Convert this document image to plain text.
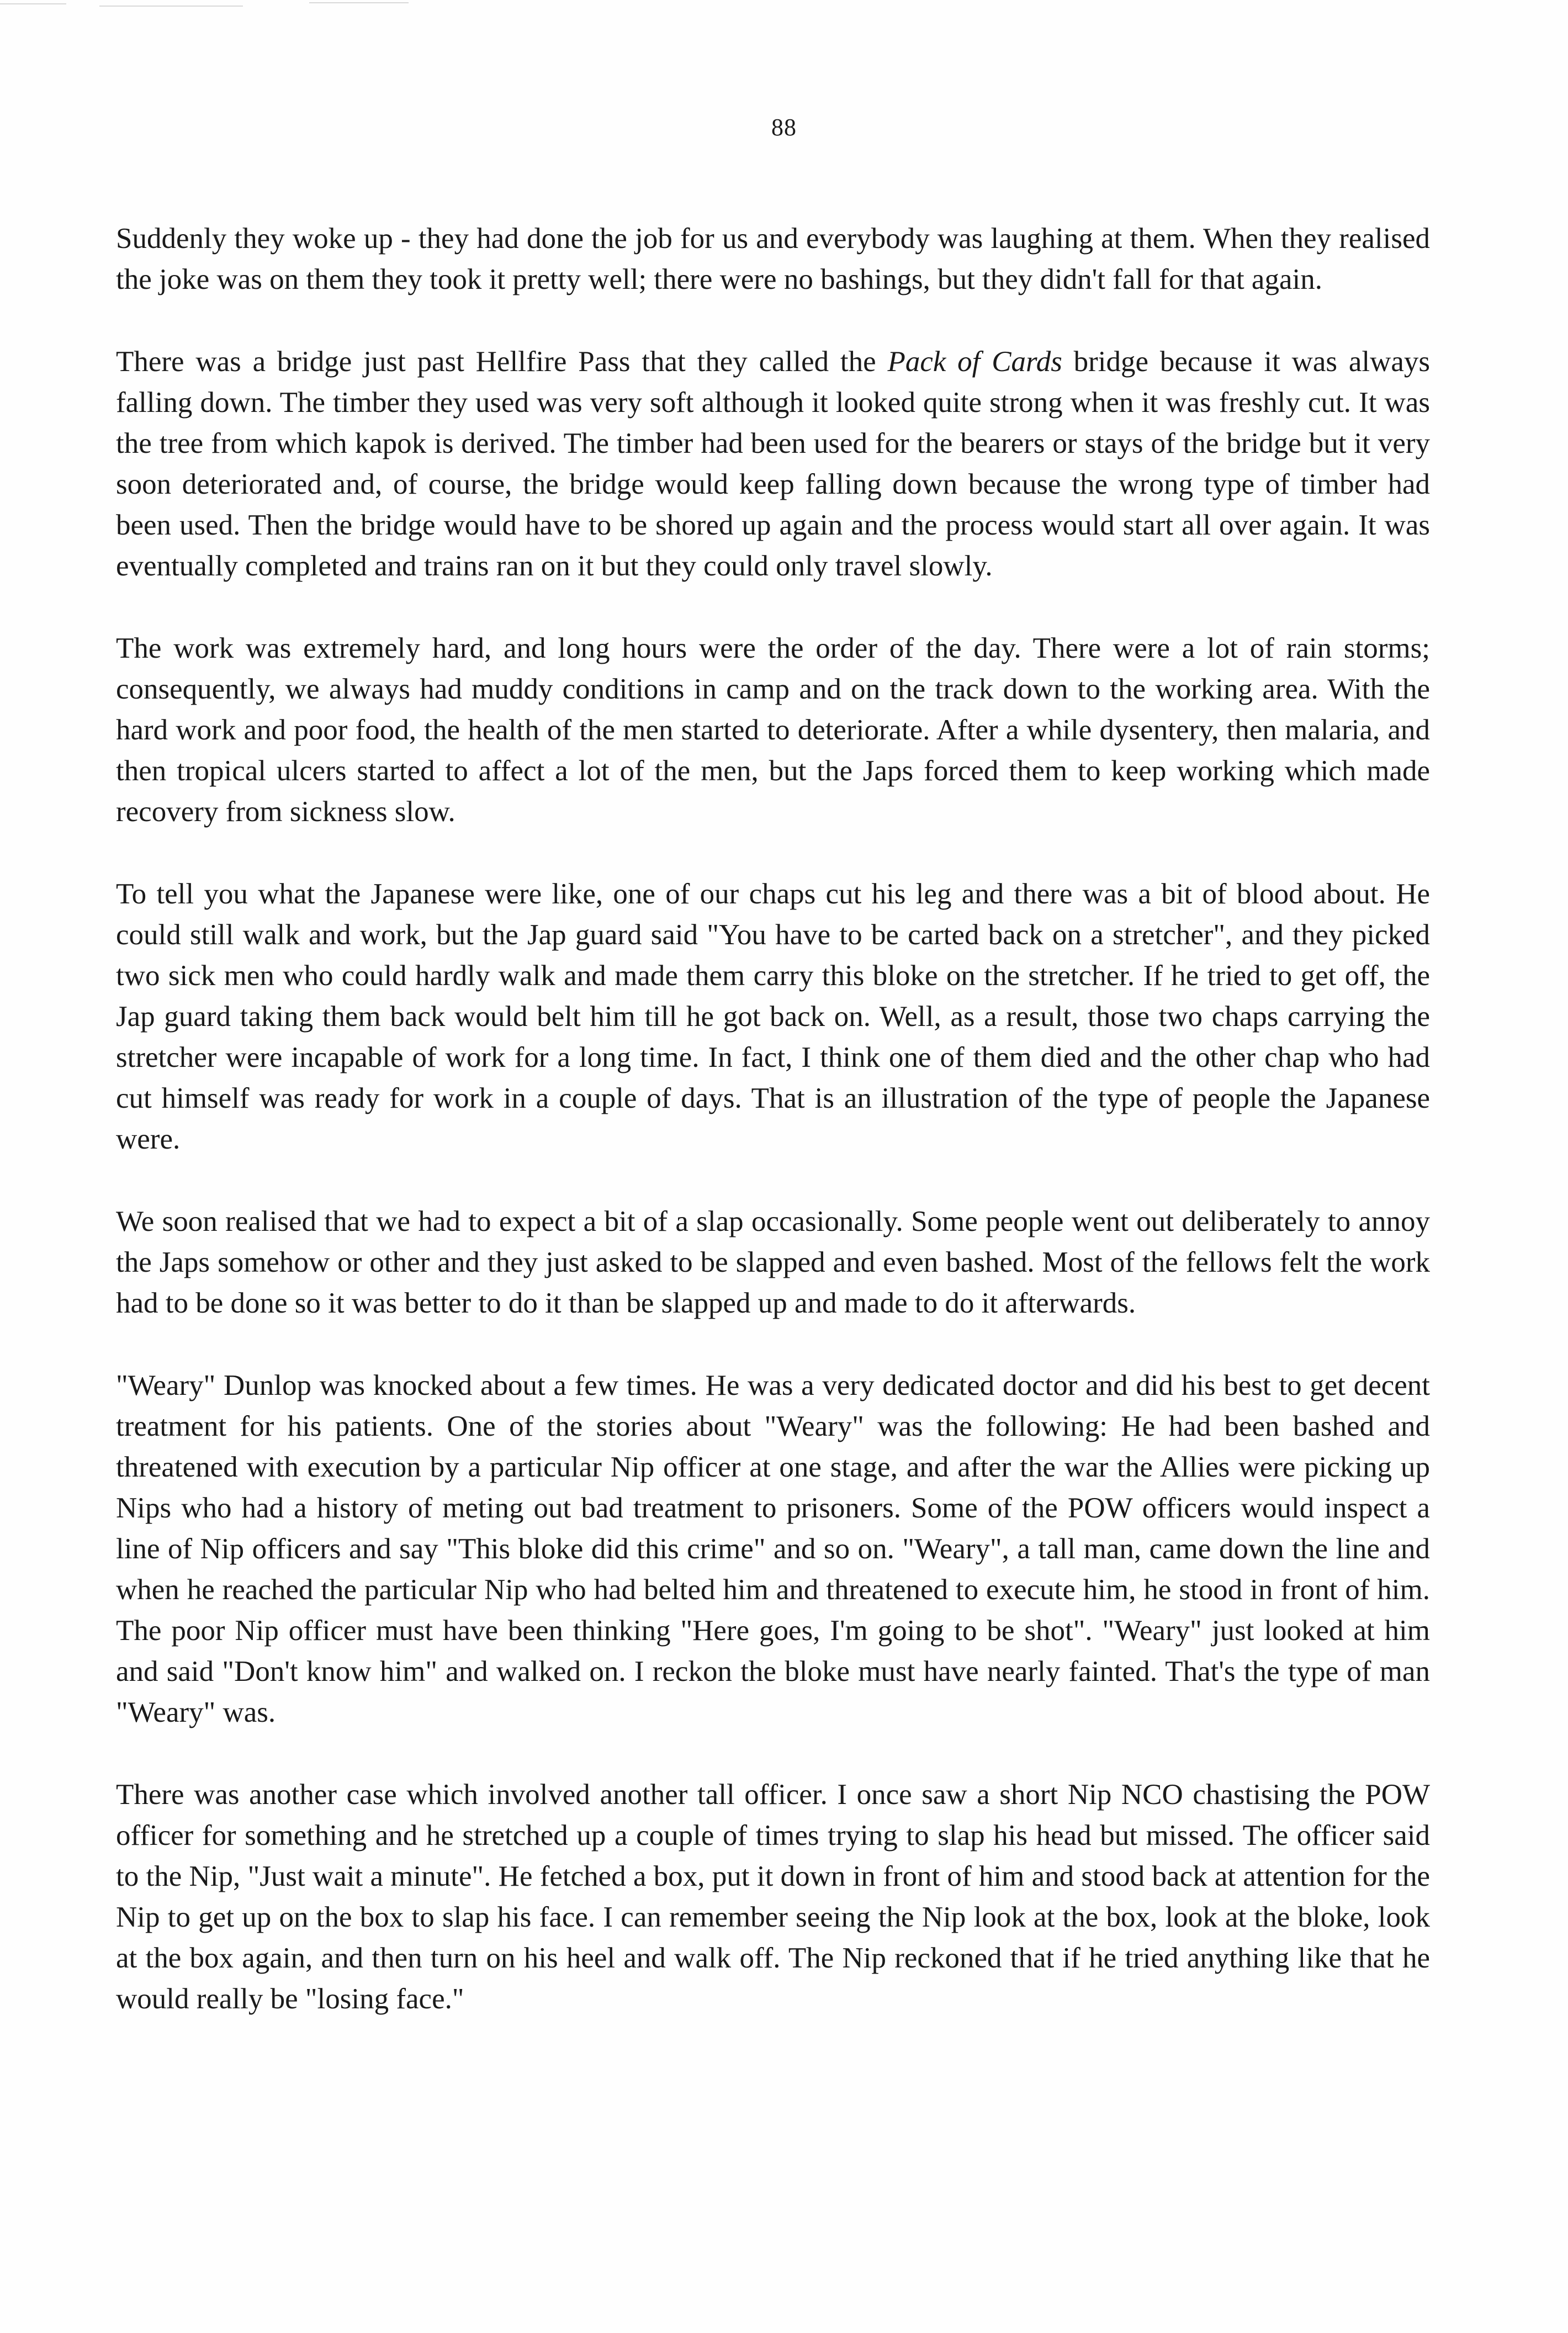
88

Suddenly they woke up - they had done the job for us and everybody was laughing at them. When they realised the joke was on them they took it pretty well; there were no bashings, but they didn't fall for that again.

There was a bridge just past Hellfire Pass that they called the Pack of Cards bridge because it was always falling down. The timber they used was very soft although it looked quite strong when it was freshly cut. It was the tree from which kapok is derived. The timber had been used for the bearers or stays of the bridge but it very soon deteriorated and, of course, the bridge would keep falling down because the wrong type of timber had been used. Then the bridge would have to be shored up again and the process would start all over again. It was eventually completed and trains ran on it but they could only travel slowly.

The work was extremely hard, and long hours were the order of the day. There were a lot of rain storms; consequently, we always had muddy conditions in camp and on the track down to the working area. With the hard work and poor food, the health of the men started to deteriorate. After a while dysentery, then malaria, and then tropical ulcers started to affect a lot of the men, but the Japs forced them to keep working which made recovery from sickness slow.

To tell you what the Japanese were like, one of our chaps cut his leg and there was a bit of blood about. He could still walk and work, but the Jap guard said "You have to be carted back on a stretcher", and they picked two sick men who could hardly walk and made them carry this bloke on the stretcher. If he tried to get off, the Jap guard taking them back would belt him till he got back on. Well, as a result, those two chaps carrying the stretcher were incapable of work for a long time. In fact, I think one of them died and the other chap who had cut himself was ready for work in a couple of days. That is an illustration of the type of people the Japanese were.

We soon realised that we had to expect a bit of a slap occasionally. Some people went out deliberately to annoy the Japs somehow or other and they just asked to be slapped and even bashed. Most of the fellows felt the work had to be done so it was better to do it than be slapped up and made to do it afterwards.

"Weary" Dunlop was knocked about a few times. He was a very dedicated doctor and did his best to get decent treatment for his patients. One of the stories about "Weary" was the following: He had been bashed and threatened with execution by a particular Nip officer at one stage, and after the war the Allies were picking up Nips who had a history of meting out bad treatment to prisoners. Some of the POW officers would inspect a line of Nip officers and say "This bloke did this crime" and so on. "Weary", a tall man, came down the line and when he reached the particular Nip who had belted him and threatened to execute him, he stood in front of him. The poor Nip officer must have been thinking "Here goes, I'm going to be shot". "Weary" just looked at him and said "Don't know him" and walked on. I reckon the bloke must have nearly fainted. That's the type of man "Weary" was.

There was another case which involved another tall officer. I once saw a short Nip NCO chastising the POW officer for something and he stretched up a couple of times trying to slap his head but missed. The officer said to the Nip, "Just wait a minute". He fetched a box, put it down in front of him and stood back at attention for the Nip to get up on the box to slap his face. I can remember seeing the Nip look at the box, look at the bloke, look at the box again, and then turn on his heel and walk off. The Nip reckoned that if he tried anything like that he would really be "losing face."
